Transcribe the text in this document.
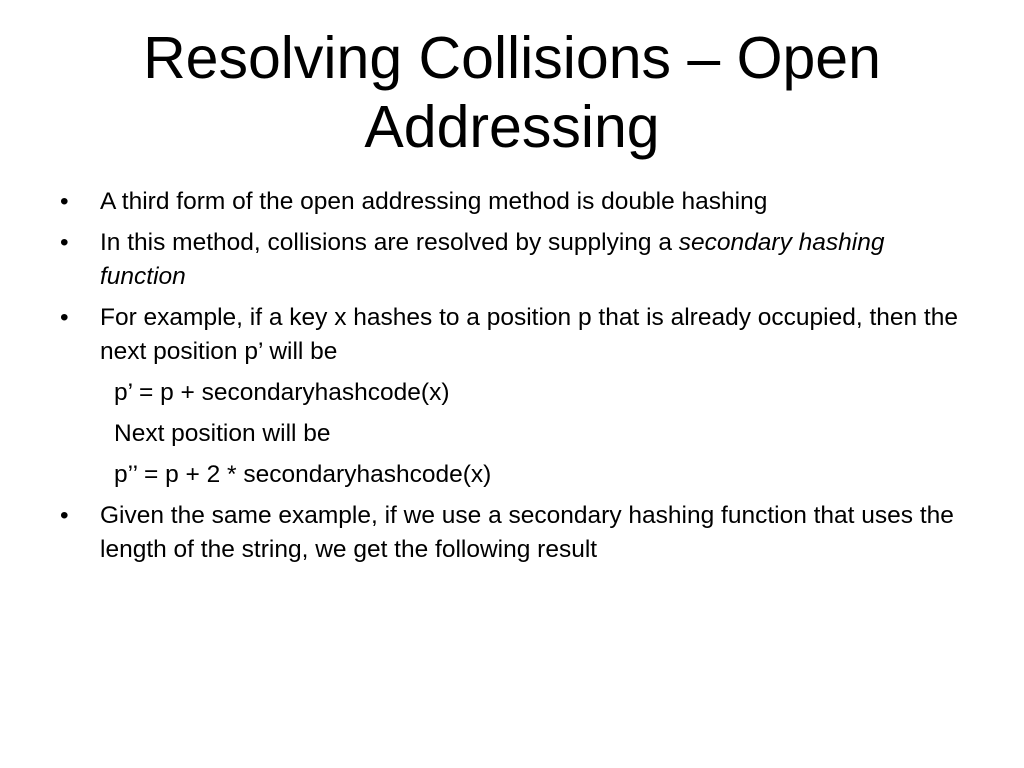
Resolving Collisions – Open
Addressing
• A third form of the open addressing method is double hashing
• In this method, collisions are resolved by supplying a secondary hashing function
• For example, if a key x hashes to a position p that is already occupied, then the next position p’ will be
p’ = p + secondaryhashcode(x)
Next position will be
p’’ = p + 2 * secondaryhashcode(x)
• Given the same example, if we use a secondary hashing function that uses the length of the string, we get the following result
